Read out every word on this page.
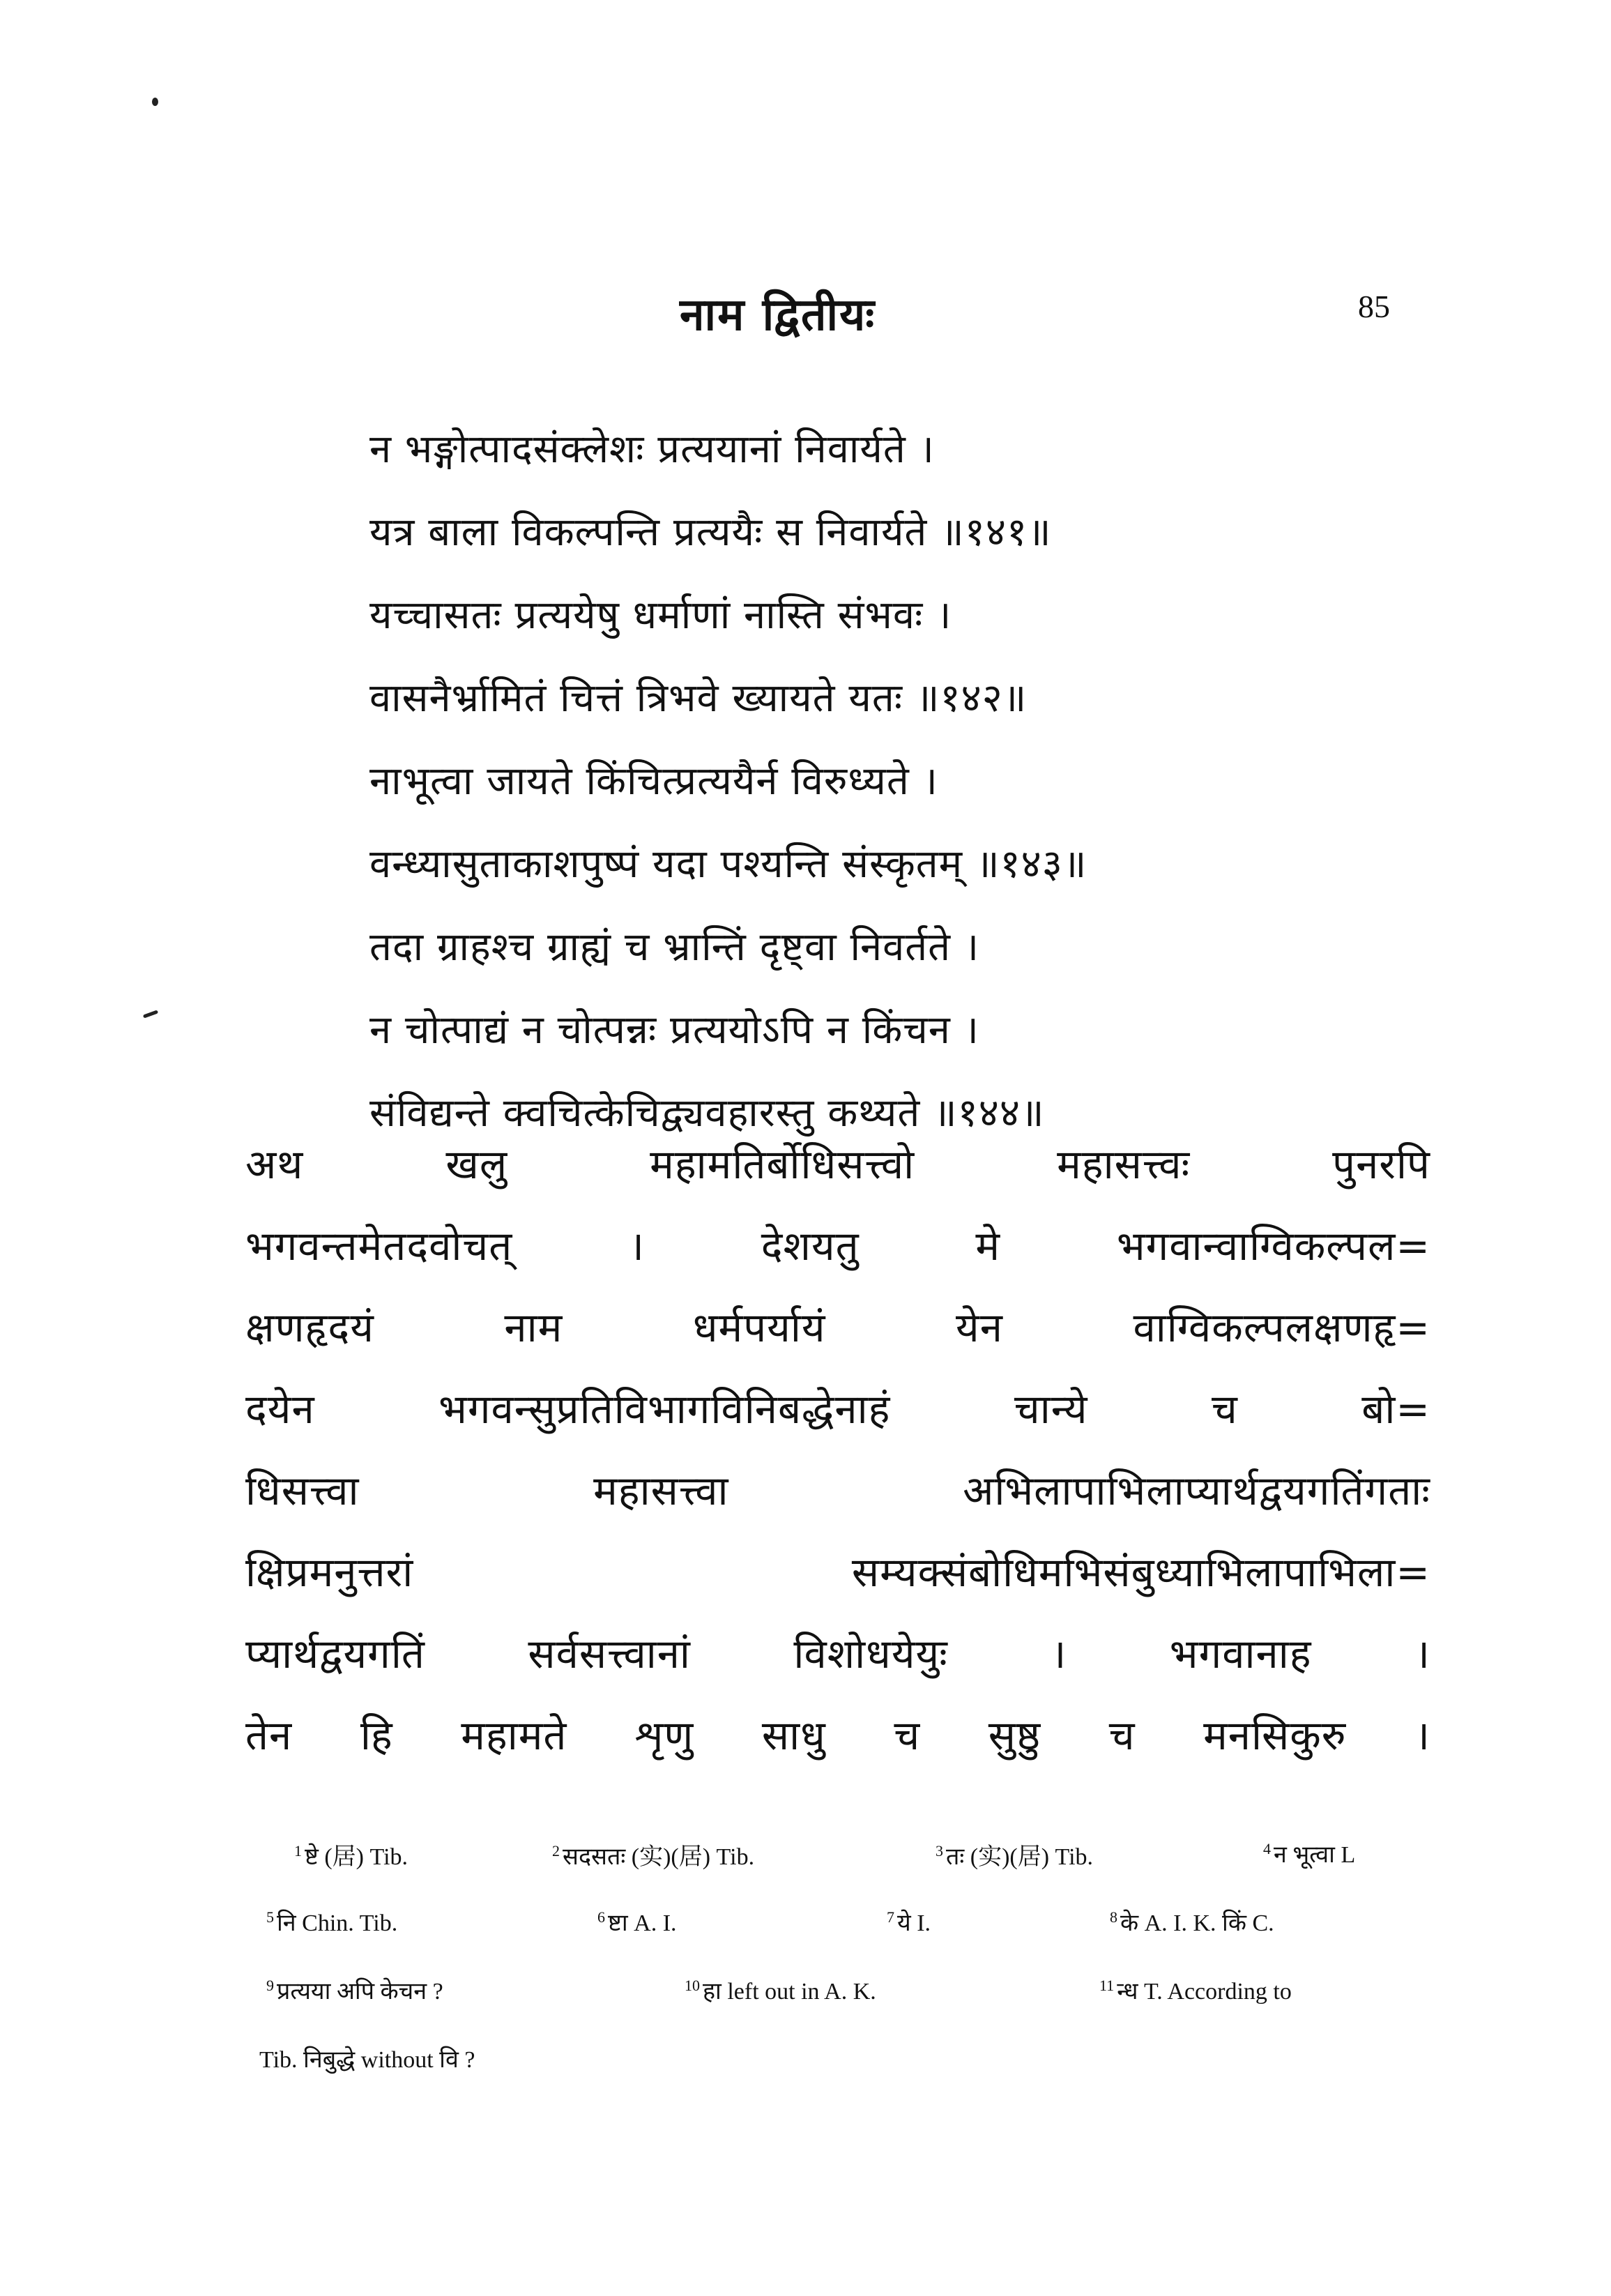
नाम द्वितीयः	85
न भङ्गोत्पादसंक्लेशः प्रत्ययानां निवार्यते ।
यत्र बाला विकल्पन्ति प्रत्ययैः स निवार्यते ॥१४१॥
यच्चासतः प्रत्ययेषु धर्माणां नास्ति संभवः ।
वासनैर्भ्रामितं चित्तं त्रिभवे ख्यायते यतः ॥१४२॥
नाभूत्वा जायते किंचित्प्रत्ययैर्न विरुध्यते ।
वन्ध्यासुताकाशपुष्पं यदा पश्यन्ति संस्कृतम् ॥१४३॥
तदा ग्राहश्च ग्राह्यं च भ्रान्तिं दृष्ट्वा निवर्तते ।
न चोत्पाद्यं न चोत्पन्नः प्रत्ययोऽपि न किंचन ।
संविद्यन्ते क्वचित्केचिद्व्यवहारस्तु कथ्यते ॥१४४॥
अथ खलु महामतिर्बोधिसत्त्वो महासत्त्वः पुनरपि
भगवन्तमेतदवोचत् । देशयतु मे भगवान्वाग्विकल्पल=
क्षणहृदयं नाम धर्मपर्यायं येन वाग्विकल्पलक्षणहृ=
दयेन भगवन्सुप्रतिविभागविनिबद्धेनाहं चान्ये च बो=
धिसत्त्वा महासत्त्वा अभिलापाभिलाप्यार्थद्वयगतिंगताः
क्षिप्रमनुत्तरां सम्यक्संबोधिमभिसंबुध्याभिलापाभिला=
प्यार्थद्वयगतिं सर्वसत्त्वानां विशोधयेयुः । भगवानाह ।
तेन हि महामते शृणु साधु च सुष्ठु च मनसिकुरु ।
$^1$ ष्टे (居) Tib.	$^2$ सदसतः (实)(居) Tib.	$^3$ तः (实)(居) Tib.	$^4$ न भूत्वा L
$^5$ नि Chin. Tib.	$^6$ ष्टा A. I.	$^7$ ये I.	$^8$ के A. I. K. किं C.
$^9$ प्रत्यया अपि केचन ?	$^{10}$ हा left out in A. K.	$^{11}$ न्ध T. According to
Tib. निबुद्धे without वि ?
